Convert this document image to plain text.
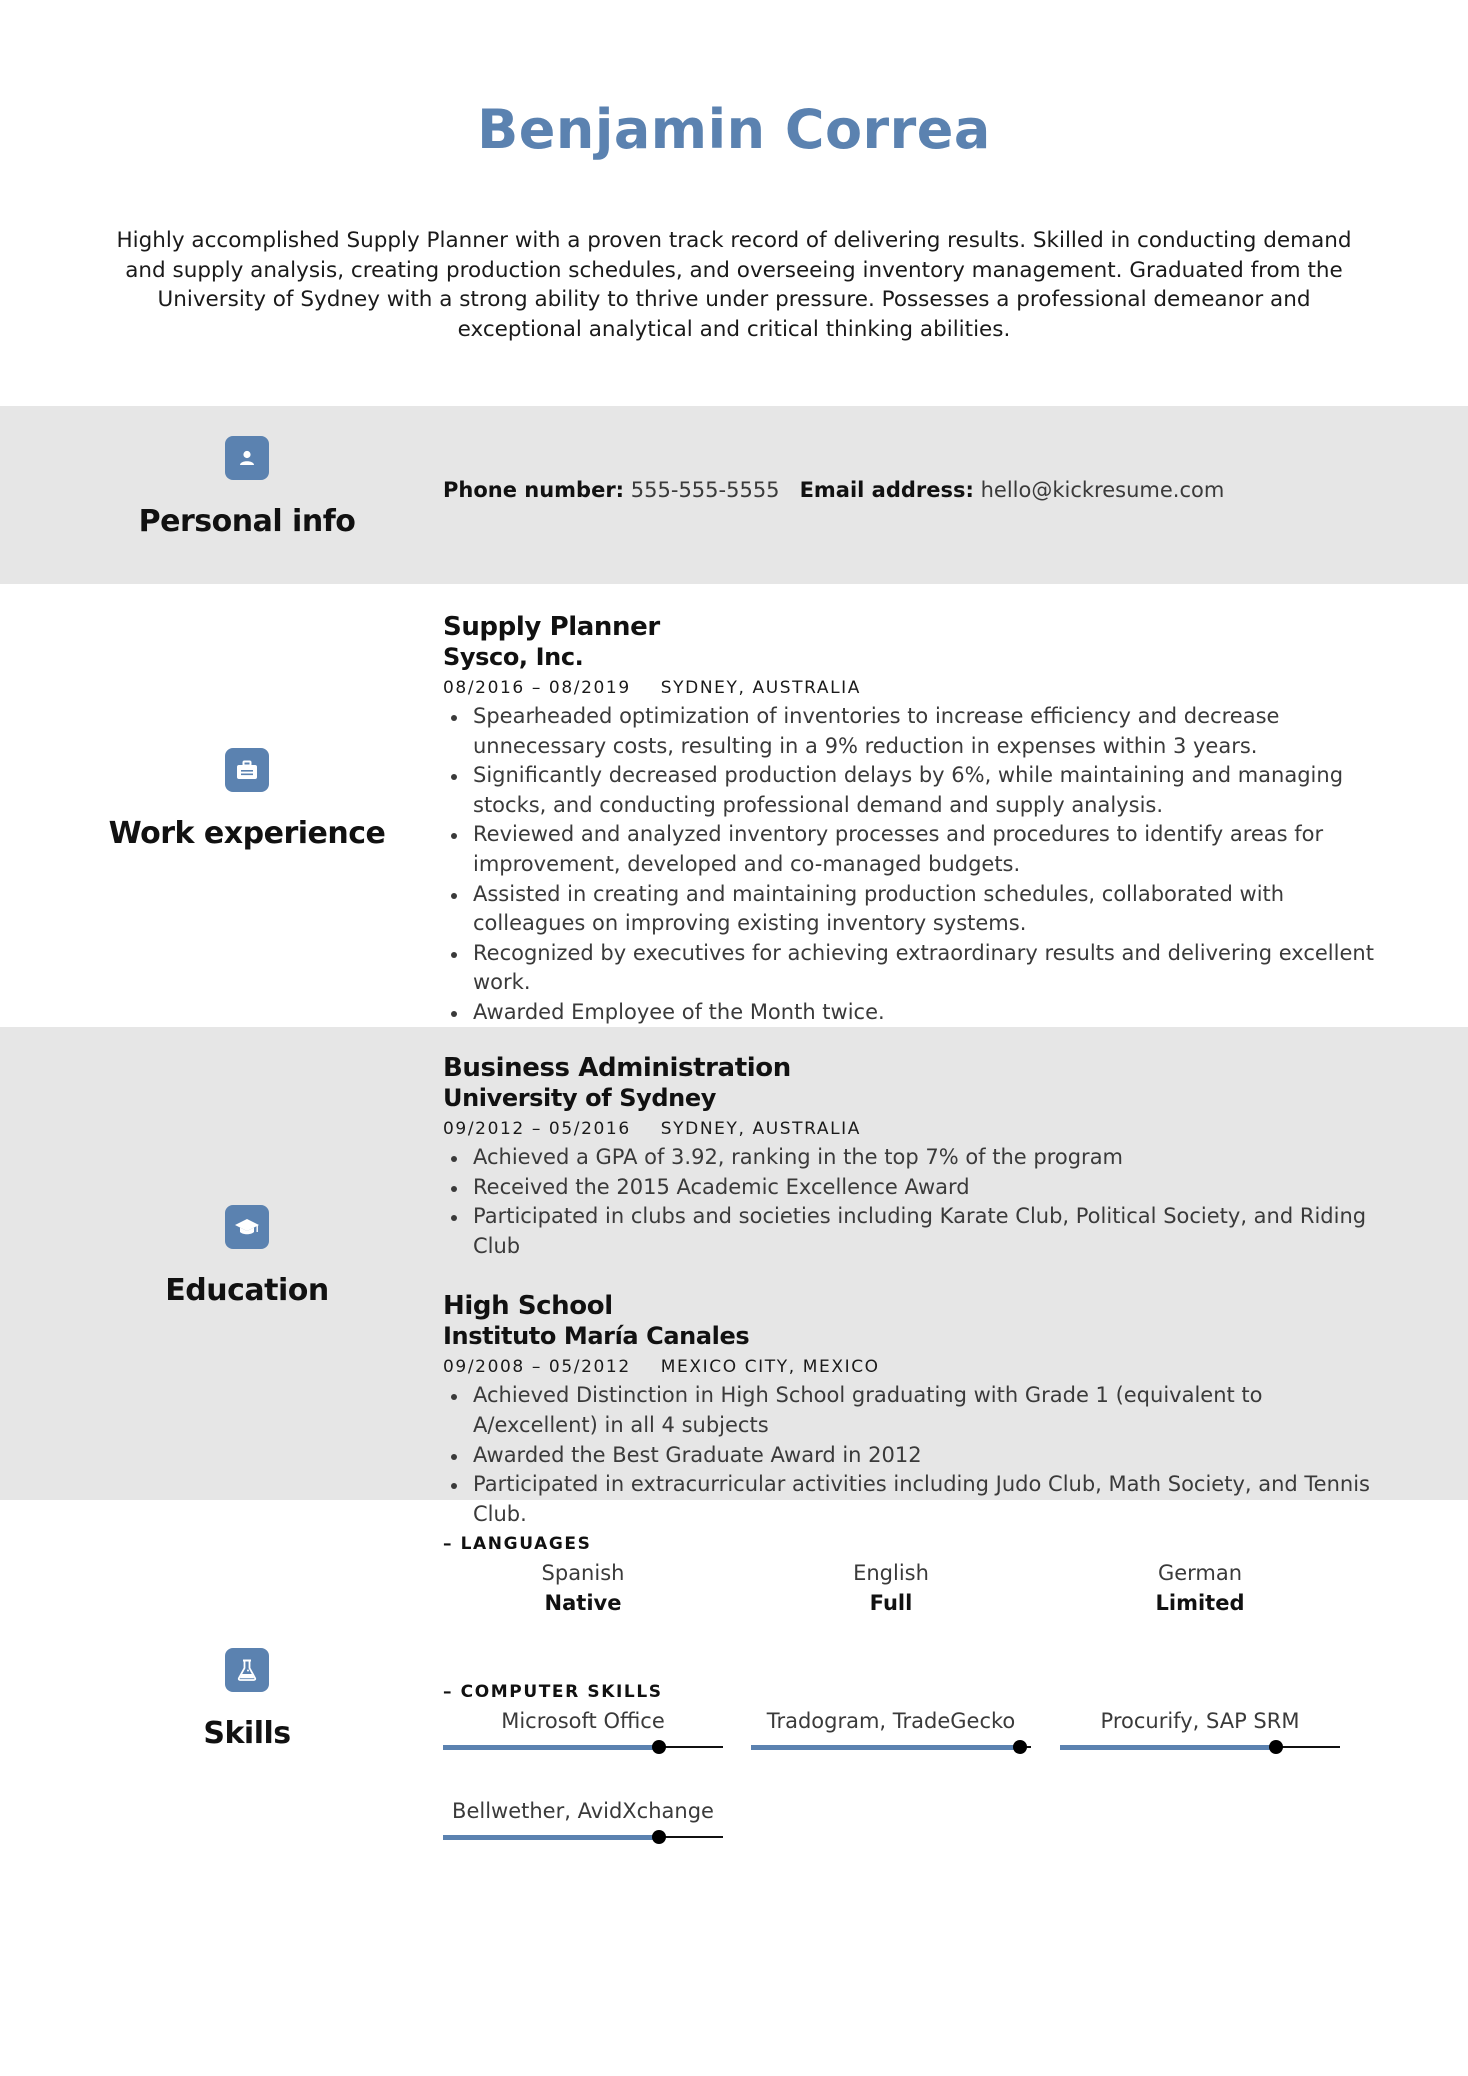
Benjamin Correa
Highly accomplished Supply Planner with a proven track record of delivering results. Skilled in conducting demand and supply analysis, creating production schedules, and overseeing inventory management. Graduated from the University of Sydney with a strong ability to thrive under pressure. Possesses a professional demeanor and exceptional analytical and critical thinking abilities.
Personal info
Phone number: 555-555-5555 Email address: hello@kickresume.com
Work experience
Supply Planner
Sysco, Inc.
08/2016 – 08/2019 SYDNEY, AUSTRALIA
Spearheaded optimization of inventories to increase efficiency and decrease unnecessary costs, resulting in a 9% reduction in expenses within 3 years.
Significantly decreased production delays by 6%, while maintaining and managing stocks, and conducting professional demand and supply analysis.
Reviewed and analyzed inventory processes and procedures to identify areas for improvement, developed and co-managed budgets.
Assisted in creating and maintaining production schedules, collaborated with colleagues on improving existing inventory systems.
Recognized by executives for achieving extraordinary results and delivering excellent work.
Awarded Employee of the Month twice.
Education
Business Administration
University of Sydney
09/2012 – 05/2016 SYDNEY, AUSTRALIA
Achieved a GPA of 3.92, ranking in the top 7% of the program
Received the 2015 Academic Excellence Award
Participated in clubs and societies including Karate Club, Political Society, and Riding Club
High School
Instituto María Canales
09/2008 – 05/2012 MEXICO CITY, MEXICO
Achieved Distinction in High School graduating with Grade 1 (equivalent to A/excellent) in all 4 subjects
Awarded the Best Graduate Award in 2012
Participated in extracurricular activities including Judo Club, Math Society, and Tennis Club.
Skills
– LANGUAGES
Spanish
Native
English
Full
German
Limited
– COMPUTER SKILLS
Microsoft Office	Tradogram, TradeGecko	Procurify, SAP SRM
Bellwether, AvidXchange
